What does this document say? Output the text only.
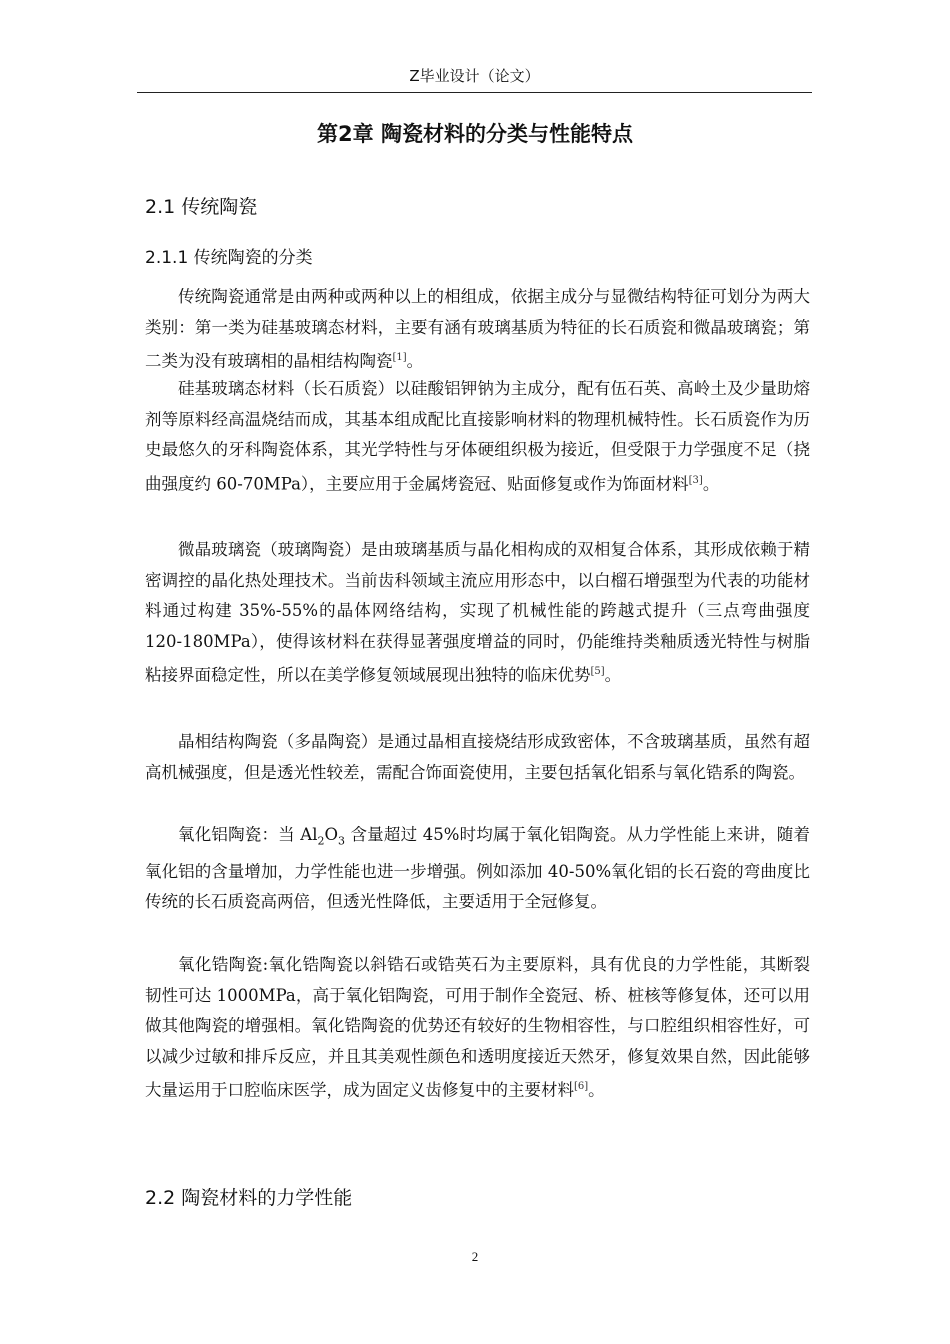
Z毕业设计（论文）
第2章 陶瓷材料的分类与性能特点
2.1 传统陶瓷
2.1.1 传统陶瓷的分类

传统陶瓷通常是由两种或两种以上的相组成，依据主成分与显微结构特征可划分为两大类别：第一类为硅基玻璃态材料，主要有涵有玻璃基质为特征的长石质瓷和微晶玻璃瓷；第二类为没有玻璃相的晶相结构陶瓷[1]。

硅基玻璃态材料（长石质瓷）以硅酸铝钾钠为主成分，配有伍石英、高岭土及少量助熔剂等原料经高温烧结而成，其基本组成配比直接影响材料的物理机械特性。长石质瓷作为历史最悠久的牙科陶瓷体系，其光学特性与牙体硬组织极为接近，但受限于力学强度不足（挠曲强度约 60-70MPa），主要应用于金属烤瓷冠、贴面修复或作为饰面材料[3]。

微晶玻璃瓷（玻璃陶瓷）是由玻璃基质与晶化相构成的双相复合体系，其形成依赖于精密调控的晶化热处理技术。当前齿科领域主流应用形态中，以白榴石增强型为代表的功能材料通过构建 35%-55%的晶体网络结构，实现了机械性能的跨越式提升（三点弯曲强度 120-180MPa），使得该材料在获得显著强度增益的同时，仍能维持类釉质透光特性与树脂粘接界面稳定性，所以在美学修复领域展现出独特的临床优势[5]。

晶相结构陶瓷（多晶陶瓷）是通过晶相直接烧结形成致密体，不含玻璃基质，虽然有超高机械强度，但是透光性较差，需配合饰面瓷使用，主要包括氧化铝系与氧化锆系的陶瓷。

氧化铝陶瓷：当 $Al_2O_3$ 含量超过 45%时均属于氧化铝陶瓷。从力学性能上来讲，随着氧化铝的含量增加，力学性能也进一步增强。例如添加 40-50%氧化铝的长石瓷的弯曲度比传统的长石质瓷高两倍，但透光性降低，主要适用于全冠修复。

氧化锆陶瓷:氧化锆陶瓷以斜锆石或锆英石为主要原料，具有优良的力学性能，其断裂韧性可达 1000MPa，高于氧化铝陶瓷，可用于制作全瓷冠、桥、桩核等修复体，还可以用做其他陶瓷的增强相。氧化锆陶瓷的优势还有较好的生物相容性，与口腔组织相容性好，可以减少过敏和排斥反应，并且其美观性颜色和透明度接近天然牙，修复效果自然，因此能够大量运用于口腔临床医学，成为固定义齿修复中的主要材料[6]。

2.2 陶瓷材料的力学性能
2
